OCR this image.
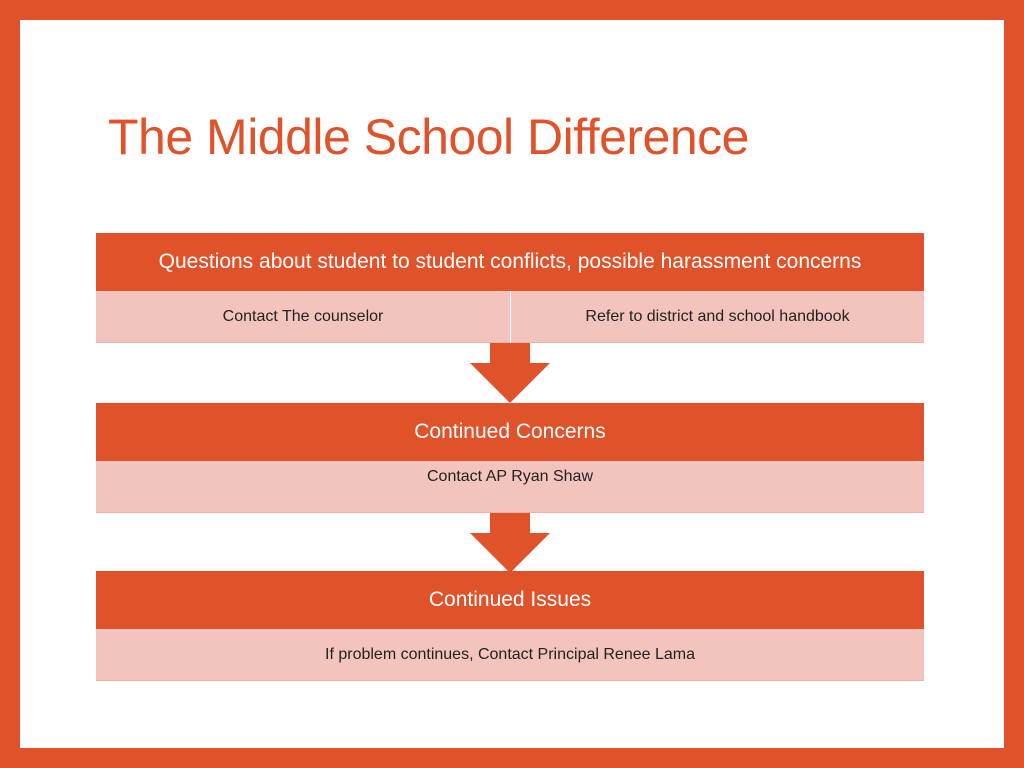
The Middle School Difference
Questions about student to student conflicts, possible harassment concerns
Contact The counselor	Refer to district and school handbook
Continued Concerns
Contact AP Ryan Shaw
Continued Issues
If problem continues, Contact Principal Renee Lama
